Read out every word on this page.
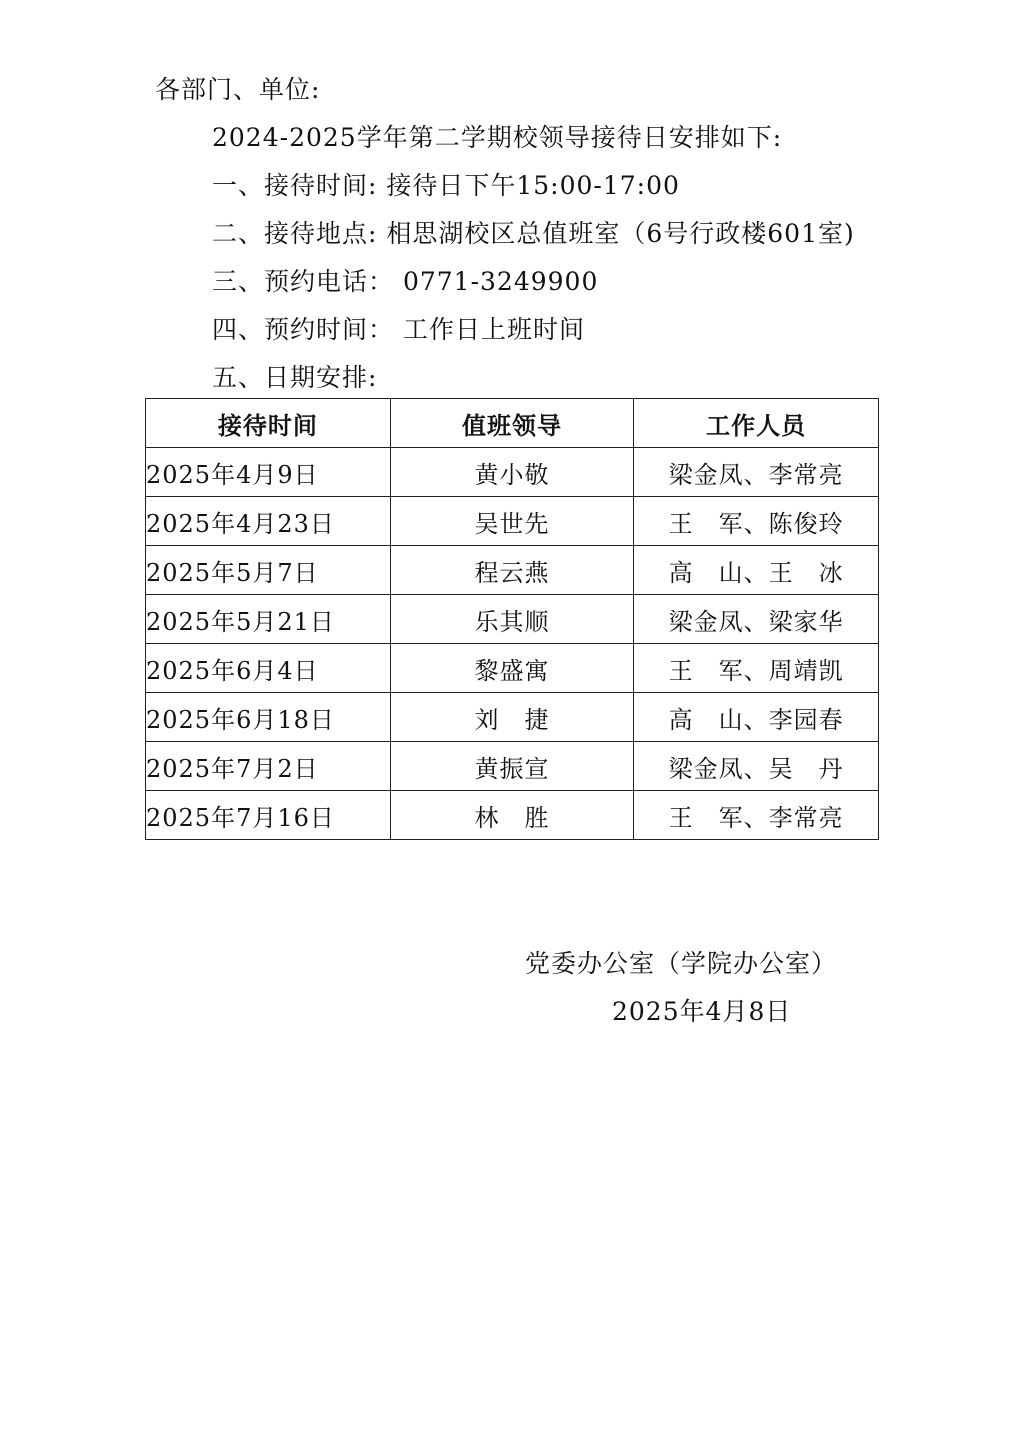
各部门、单位:
2024-2025学年第二学期校领导接待日安排如下:
一、接待时间: 接待日下午15:00-17:00
二、接待地点: 相思湖校区总值班室（6号行政楼601室)
三、预约电话： 0771-3249900
四、预约时间： 工作日上班时间
五、日期安排:
接待时间	值班领导	工作人员
2025年4月9日	黄小敬	梁金凤、李常亮
2025年4月23日	吴世先	王　军、陈俊玲
2025年5月7日	程云燕	高　山、王　冰
2025年5月21日	乐其顺	梁金凤、梁家华
2025年6月4日	黎盛寓	王　军、周靖凯
2025年6月18日	刘　捷	高　山、李园春
2025年7月2日	黄振宣	梁金凤、吴　丹
2025年7月16日	林　胜	王　军、李常亮
党委办公室（学院办公室）
2025年4月8日
